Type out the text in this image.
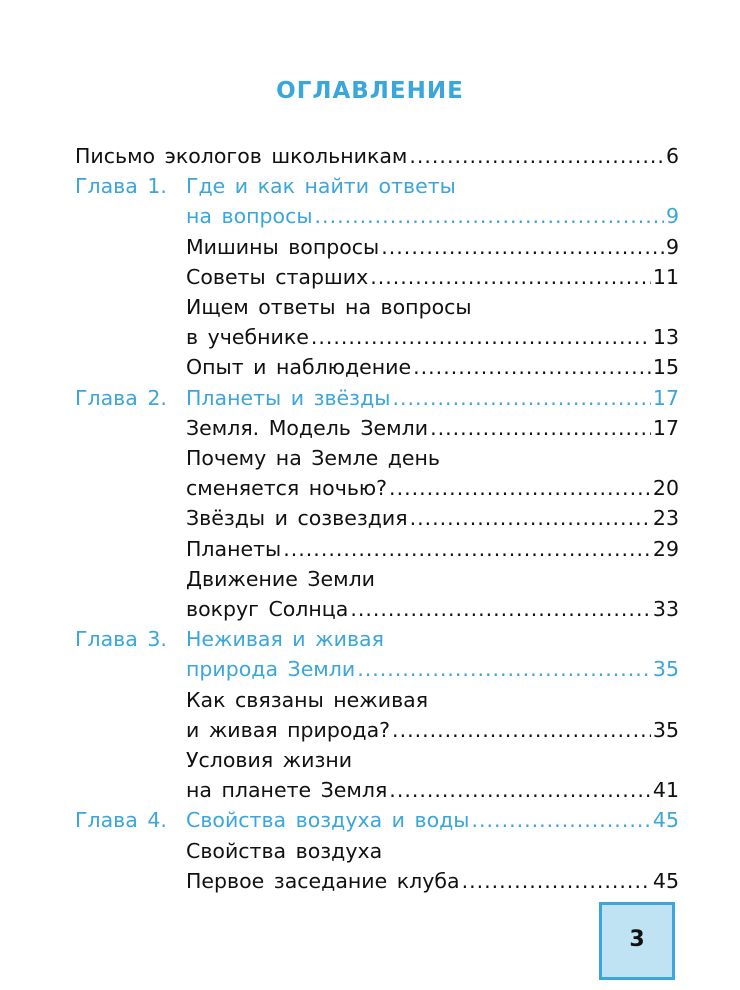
ОГЛАВЛЕНИЕ
Письмо экологов школьникам .....	6
Глава 1. Где и как найти ответы
на вопросы .....	9
Мишины вопросы .....	9
Советы старших .....	11
Ищем ответы на вопросы
в учебнике .....	13
Опыт и наблюдение .....	15
Глава 2. Планеты и звёзды .....	17
Земля. Модель Земли .....	17
Почему на Земле день
сменяется ночью? .....	20
Звёзды и созвездия .....	23
Планеты .....	29
Движение Земли
вокруг Солнца .....	33
Глава 3. Неживая и живая
природа Земли .....	35
Как связаны неживая
и живая природа? .....	35
Условия жизни
на планете Земля .....	41
Глава 4. Свойства воздуха и воды .....	45
Свойства воздуха
Первое заседание клуба .....	45
3
